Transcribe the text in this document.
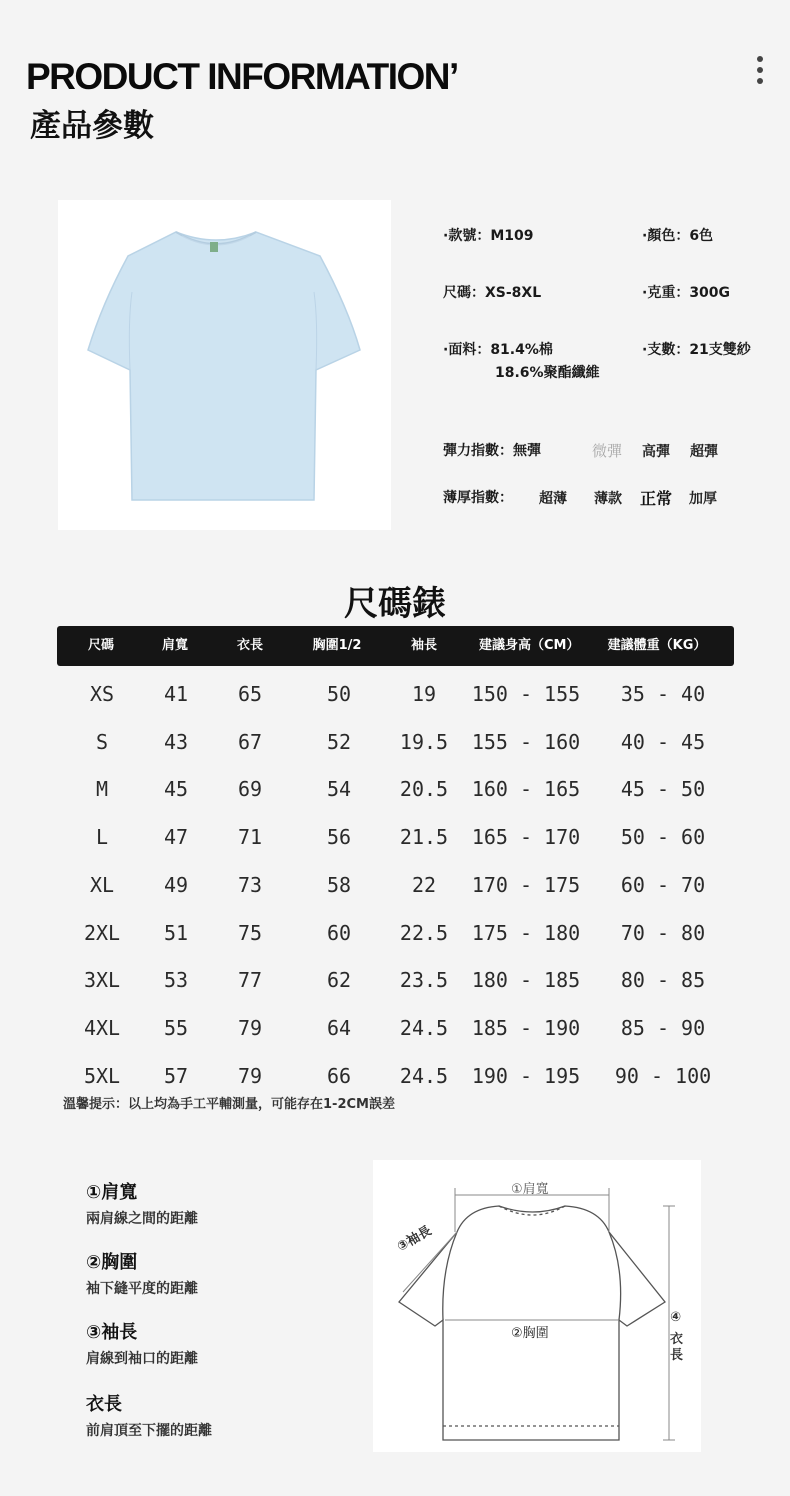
PRODUCT INFORMATION’
產品參數
·款號：M109	·顏色：6色
尺碼：XS-8XL	·克重：300G
·面料：81.4%棉
18.6%聚酯纖維
·支數：21支雙紗
彈力指數：無彈	微彈 高彈 超彈
薄厚指數： 超薄 薄款 正常 加厚
尺碼錶
尺碼	肩寬	衣長	胸圍1/2	袖長	建議身高（CM）	建議體重（KG）
XS	41	65	50	19	150 - 155	35 - 40
S	43	67	52	19.5	155 - 160	40 - 45
M	45	69	54	20.5	160 - 165	45 - 50
L	47	71	56	21.5	165 - 170	50 - 60
XL	49	73	58	22	170 - 175	60 - 70
2XL	51	75	60	22.5	175 - 180	70 - 80
3XL	53	77	62	23.5	180 - 185	80 - 85
4XL	55	79	64	24.5	185 - 190	85 - 90
5XL	57	79	66	24.5	190 - 195	90 - 100
溫馨提示：以上均為手工平輔測量，可能存在1-2CM誤差
①肩寬
兩肩線之間的距離
②胸圍
袖下縫平度的距離
③袖長
肩線到袖口的距離
衣長
前肩頂至下擺的距離
①肩寬
②胸圍
③袖長
④
衣
長
